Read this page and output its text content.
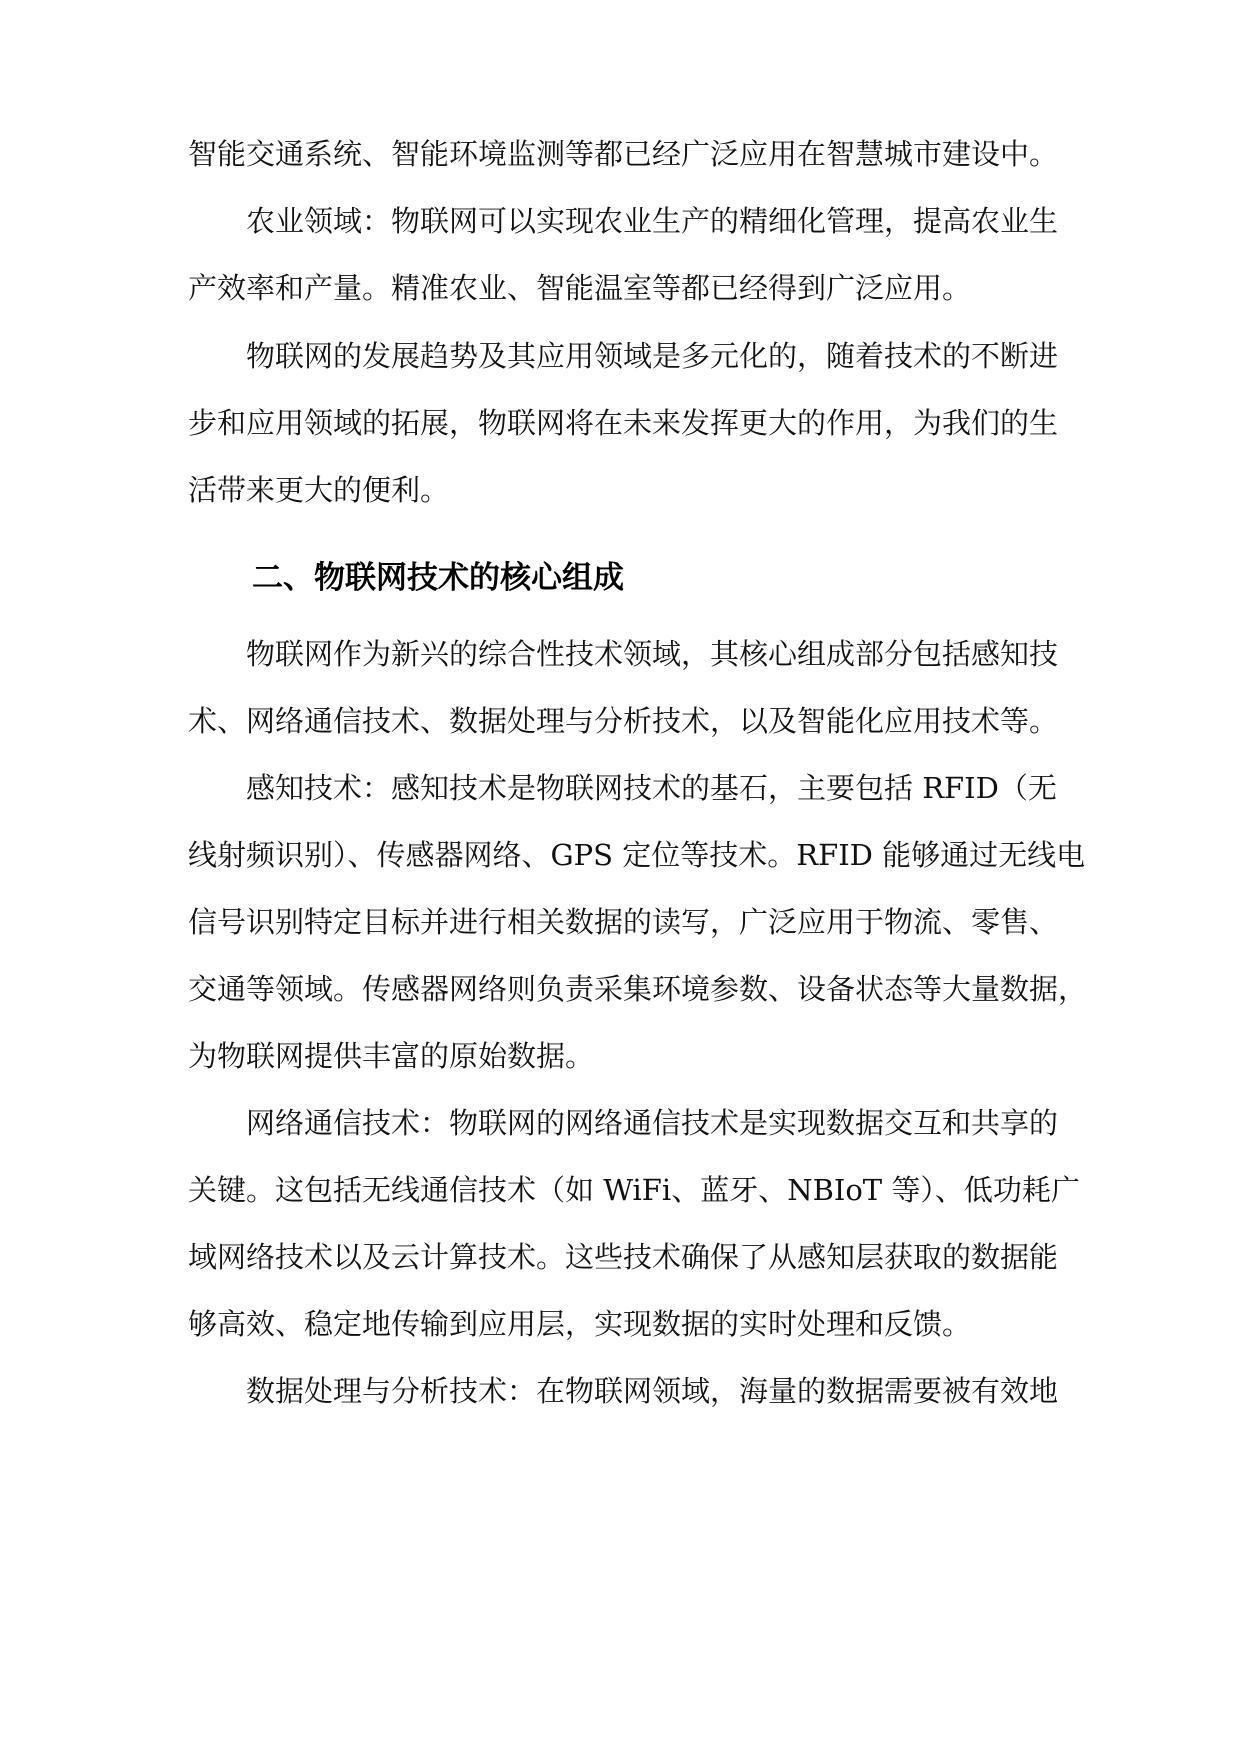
智能交通系统、智能环境监测等都已经广泛应用在智慧城市建设中。
农业领域：物联网可以实现农业生产的精细化管理，提高农业生
产效率和产量。精准农业、智能温室等都已经得到广泛应用。
物联网的发展趋势及其应用领域是多元化的，随着技术的不断进
步和应用领域的拓展，物联网将在未来发挥更大的作用，为我们的生
活带来更大的便利。
二、物联网技术的核心组成
物联网作为新兴的综合性技术领域，其核心组成部分包括感知技
术、网络通信技术、数据处理与分析技术，以及智能化应用技术等。
感知技术：感知技术是物联网技术的基石，主要包括 RFID（无
线射频识别）、传感器网络、GPS 定位等技术。RFID 能够通过无线电
信号识别特定目标并进行相关数据的读写，广泛应用于物流、零售、
交通等领域。传感器网络则负责采集环境参数、设备状态等大量数据，
为物联网提供丰富的原始数据。
网络通信技术：物联网的网络通信技术是实现数据交互和共享的
关键。这包括无线通信技术（如 WiFi、蓝牙、NBIoT 等）、低功耗广
域网络技术以及云计算技术。这些技术确保了从感知层获取的数据能
够高效、稳定地传输到应用层，实现数据的实时处理和反馈。
数据处理与分析技术：在物联网领域，海量的数据需要被有效地
